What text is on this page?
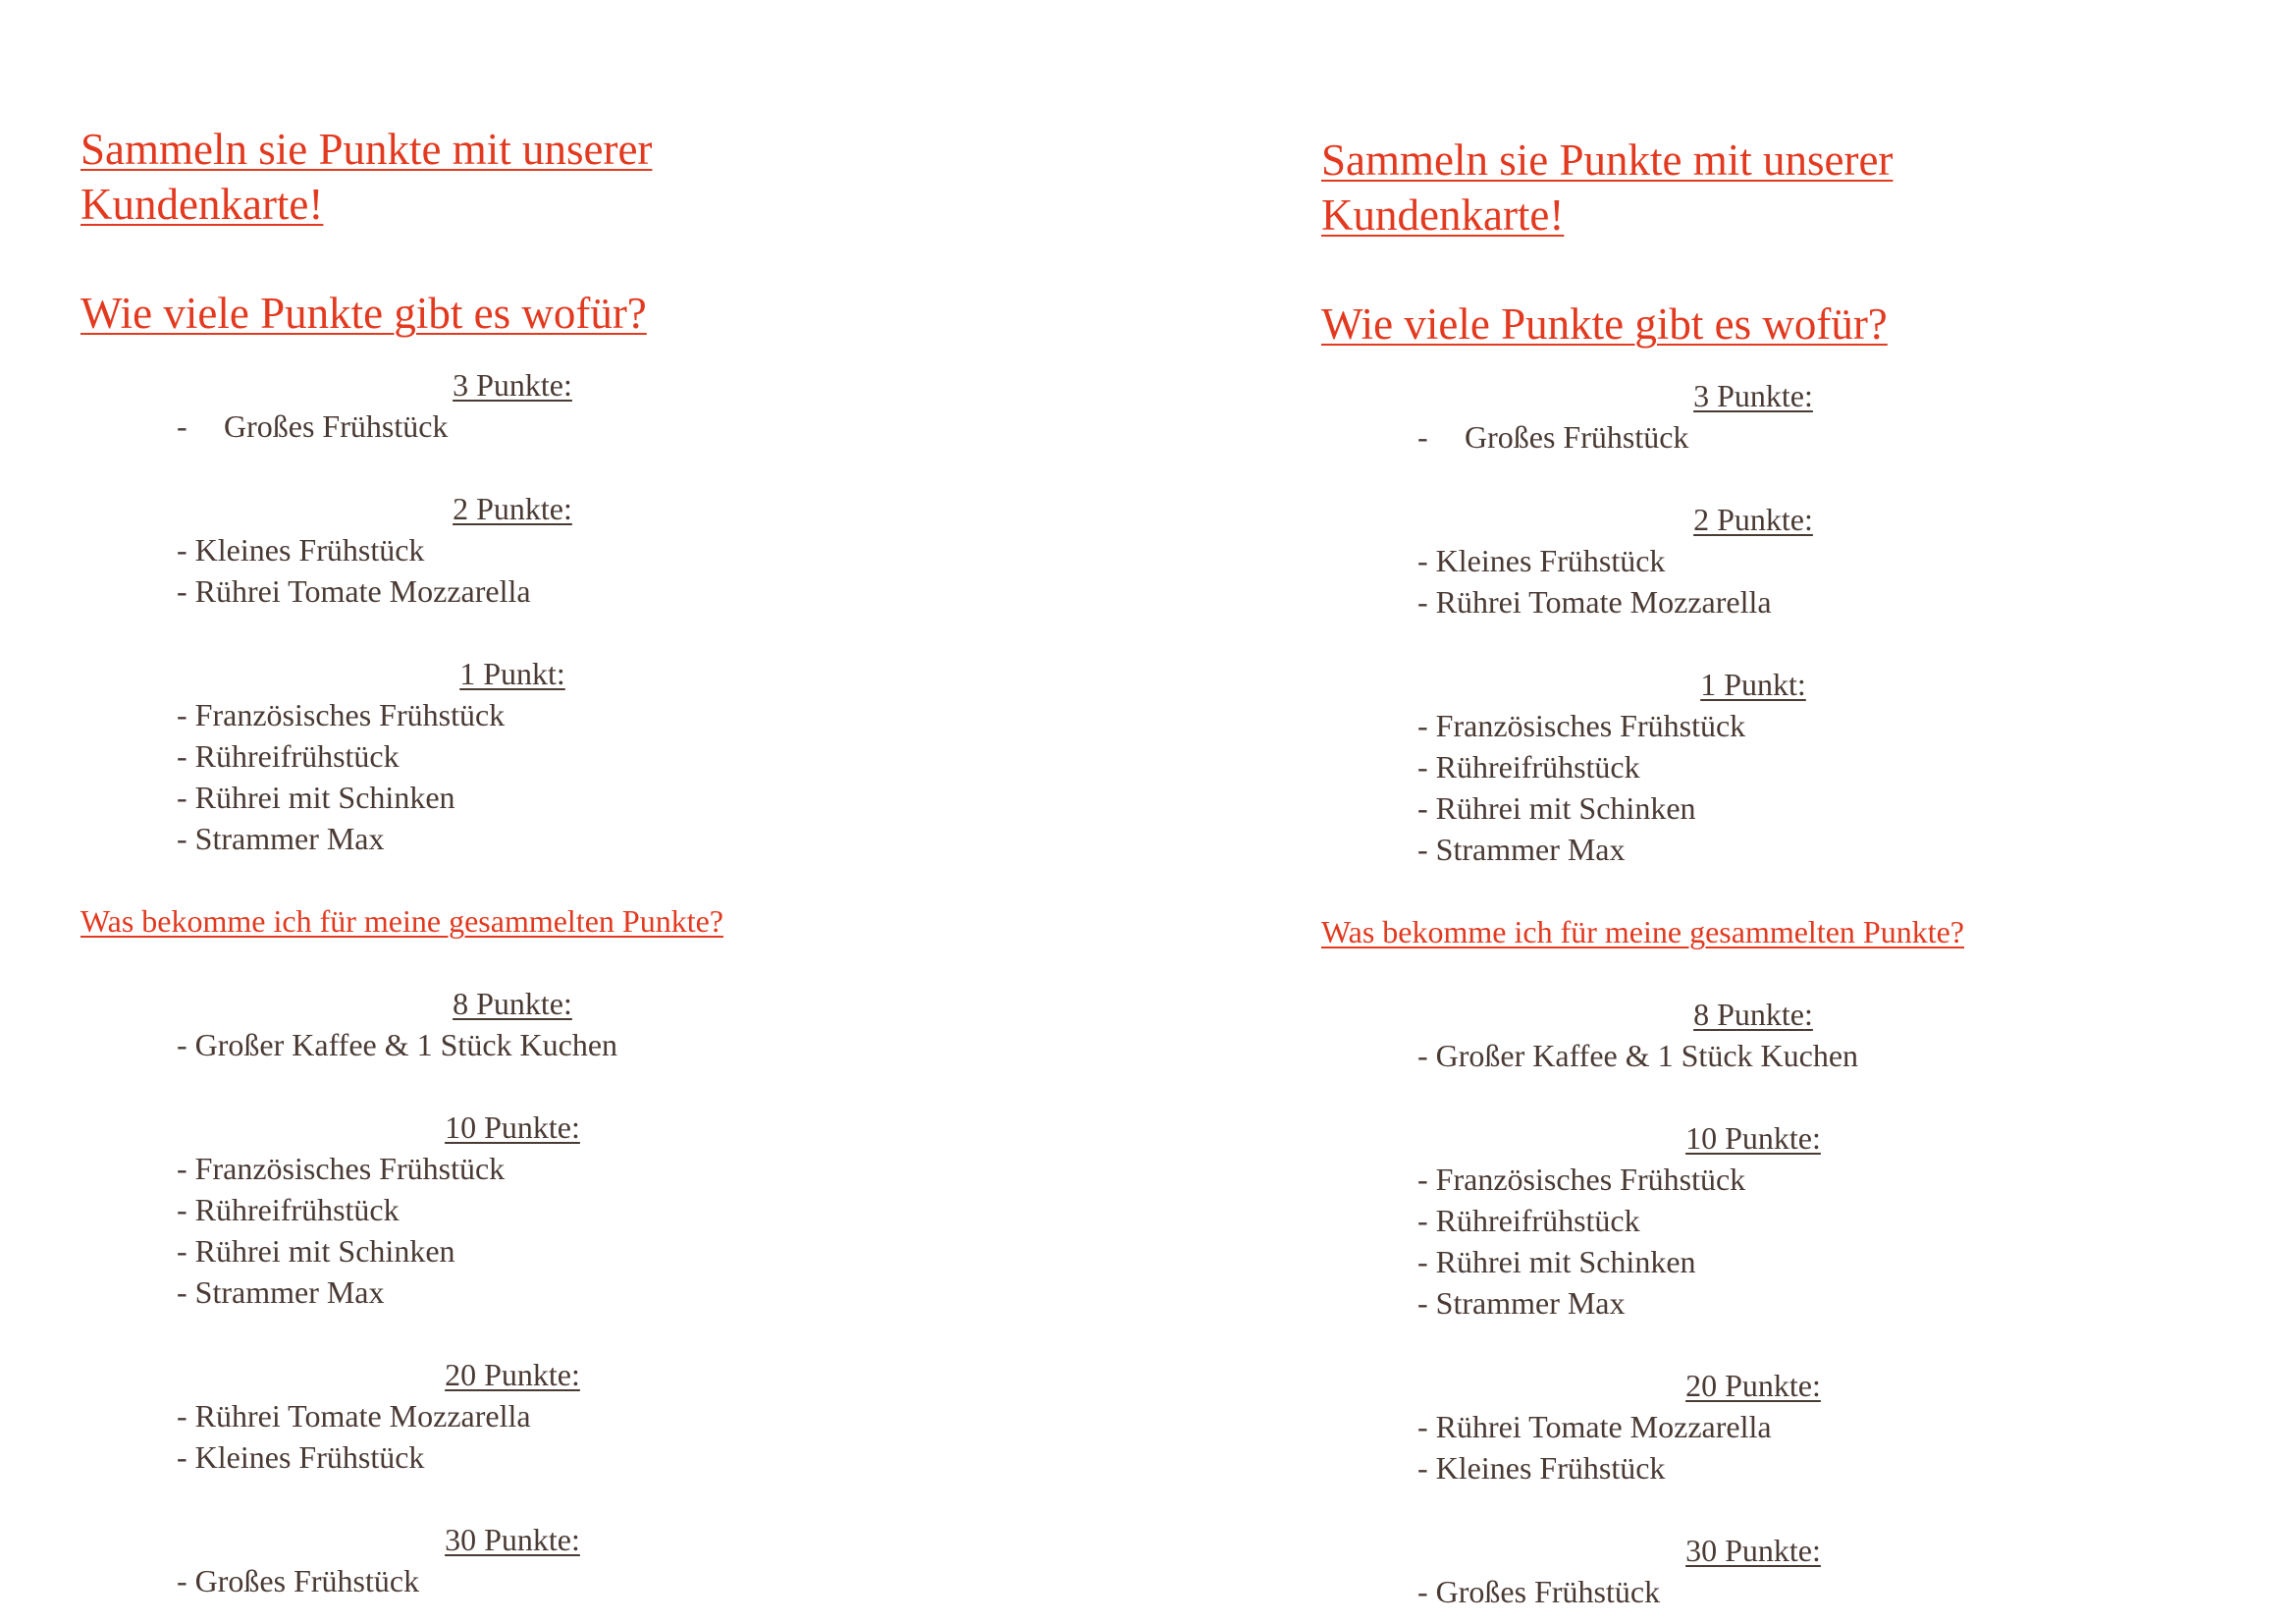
Sammeln sie Punkte mit unserer
Kundenkarte!
Wie viele Punkte gibt es wofür?
3 Punkte:
- Großes Frühstück
2 Punkte:
- Kleines Frühstück
- Rührei Tomate Mozzarella
1 Punkt:
- Französisches Frühstück
- Rühreifrühstück
- Rührei mit Schinken
- Strammer Max
Was bekomme ich für meine gesammelten Punkte?
8 Punkte:
- Großer Kaffee & 1 Stück Kuchen
10 Punkte:
- Französisches Frühstück
- Rühreifrühstück
- Rührei mit Schinken
- Strammer Max
20 Punkte:
- Rührei Tomate Mozzarella
- Kleines Frühstück
30 Punkte:
- Großes Frühstück
Sammeln sie Punkte mit unserer
Kundenkarte!
Wie viele Punkte gibt es wofür?
3 Punkte:
- Großes Frühstück
2 Punkte:
- Kleines Frühstück
- Rührei Tomate Mozzarella
1 Punkt:
- Französisches Frühstück
- Rühreifrühstück
- Rührei mit Schinken
- Strammer Max
Was bekomme ich für meine gesammelten Punkte?
8 Punkte:
- Großer Kaffee & 1 Stück Kuchen
10 Punkte:
- Französisches Frühstück
- Rühreifrühstück
- Rührei mit Schinken
- Strammer Max
20 Punkte:
- Rührei Tomate Mozzarella
- Kleines Frühstück
30 Punkte:
- Großes Frühstück
